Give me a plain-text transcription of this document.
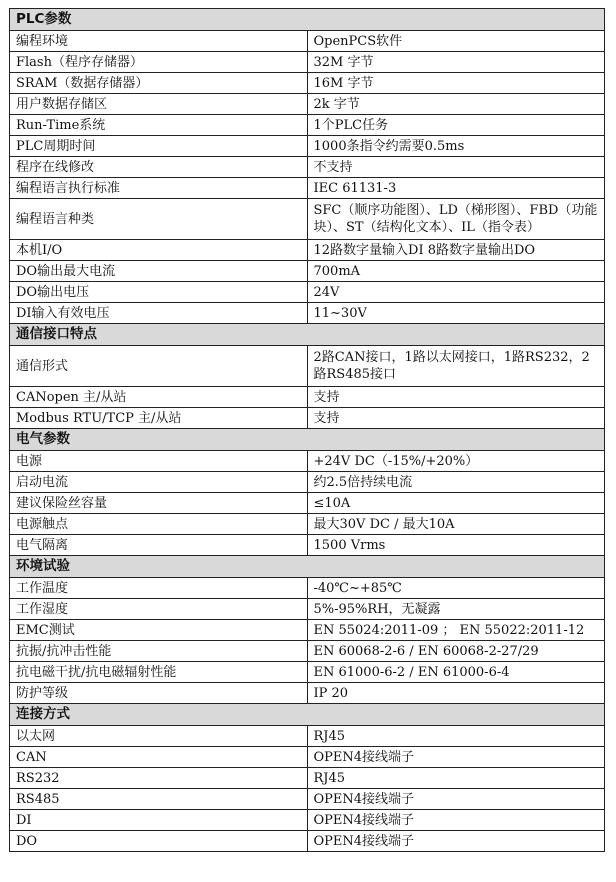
PLC参数	
编程环境	OpenPCS软件
Flash（程序存储器）	32M 字节
SRAM（数据存储器）	16M 字节
用户数据存储区	2k 字节
Run-Time系统	1个PLC任务
PLC周期时间	1000条指令约需要0.5ms
程序在线修改	不支持
编程语言执行标准	IEC 61131-3
编程语言种类	SFC（顺序功能图）、LD（梯形图）、FBD（功能块）、ST（结构化文本）、IL（指令表）
本机I/O	12路数字量输入DI 8路数字量输出DO
DO输出最大电流	700mA
DO输出电压	24V
DI输入有效电压	11~30V
通信接口特点	
通信形式	2路CAN接口，1路以太网接口，1路RS232，2路RS485接口
CANopen 主/从站	支持
Modbus RTU/TCP 主/从站	支持
电气参数	
电源	+24V DC（-15%/+20%）
启动电流	约2.5倍持续电流
建议保险丝容量	≤10A
电源触点	最大30V DC / 最大10A
电气隔离	1500 Vrms
环境试验	
工作温度	-40℃~+85℃
工作湿度	5%-95%RH，无凝露
EMC测试	EN 55024:2011-09 ； EN 55022:2011-12
抗振/抗冲击性能	EN 60068-2-6 / EN 60068-2-27/29
抗电磁干扰/抗电磁辐射性能	EN 61000-6-2 / EN 61000-6-4
防护等级	IP 20
连接方式	
以太网	RJ45
CAN	OPEN4接线端子
RS232	RJ45
RS485	OPEN4接线端子
DI	OPEN4接线端子
DO	OPEN4接线端子
